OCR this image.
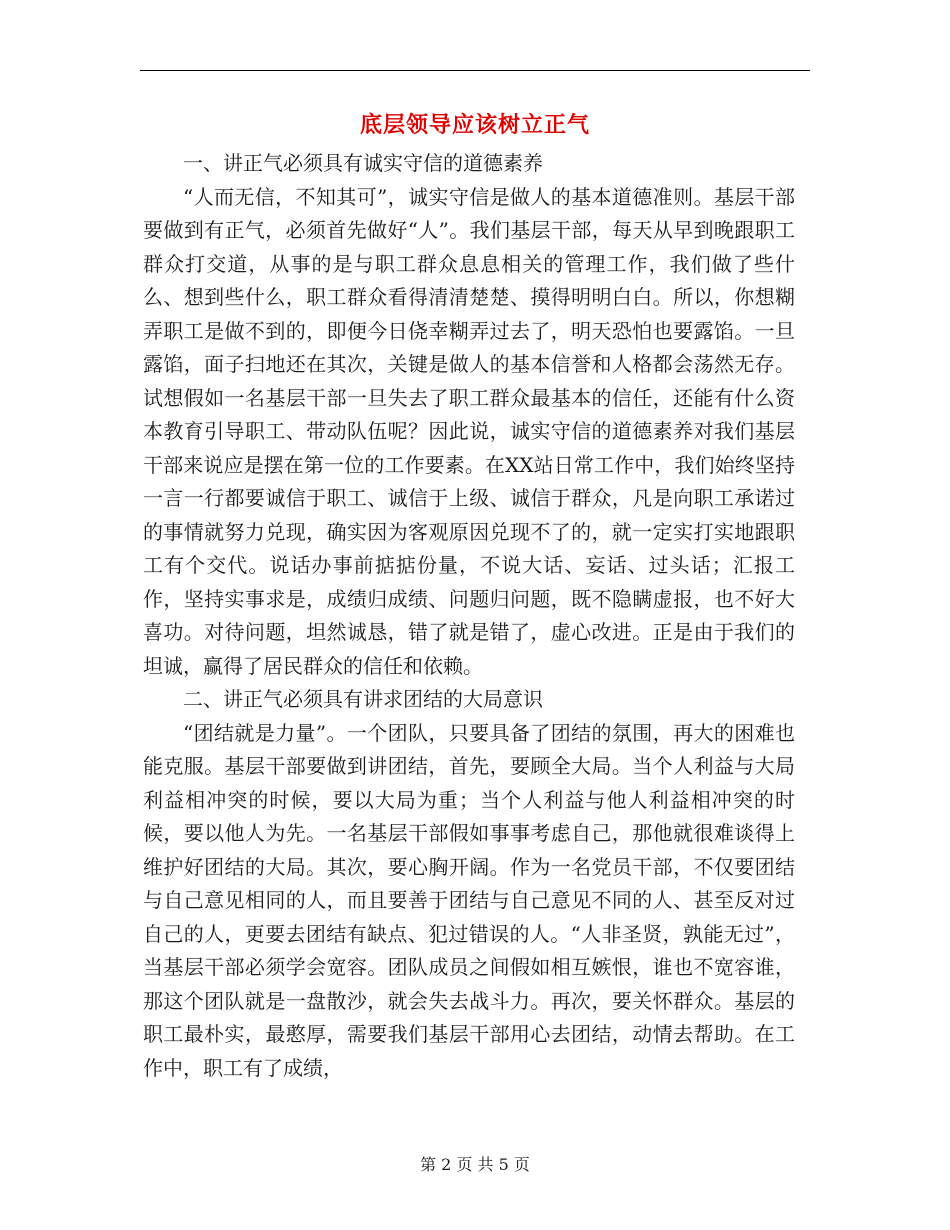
底层领导应该树立正气

一、讲正气必须具有诚实守信的道德素养

“人而无信，不知其可”，诚实守信是做人的基本道德准则。基层干部要做到有正气，必须首先做好“人”。我们基层干部，每天从早到晚跟职工群众打交道，从事的是与职工群众息息相关的管理工作，我们做了些什么、想到些什么，职工群众看得清清楚楚、摸得明明白白。所以，你想糊弄职工是做不到的，即便今日侥幸糊弄过去了，明天恐怕也要露馅。一旦露馅，面子扫地还在其次，关键是做人的基本信誉和人格都会荡然无存。试想假如一名基层干部一旦失去了职工群众最基本的信任，还能有什么资本教育引导职工、带动队伍呢？因此说，诚实守信的道德素养对我们基层干部来说应是摆在第一位的工作要素。在XX站日常工作中，我们始终坚持一言一行都要诚信于职工、诚信于上级、诚信于群众，凡是向职工承诺过的事情就努力兑现，确实因为客观原因兑现不了的，就一定实打实地跟职工有个交代。说话办事前掂掂份量，不说大话、妄话、过头话；汇报工作，坚持实事求是，成绩归成绩、问题归问题，既不隐瞒虚报，也不好大喜功。对待问题，坦然诚恳，错了就是错了，虚心改进。正是由于我们的坦诚，赢得了居民群众的信任和依赖。

二、讲正气必须具有讲求团结的大局意识

“团结就是力量”。一个团队，只要具备了团结的氛围，再大的困难也能克服。基层干部要做到讲团结，首先，要顾全大局。当个人利益与大局利益相冲突的时候，要以大局为重；当个人利益与他人利益相冲突的时候，要以他人为先。一名基层干部假如事事考虑自己，那他就很难谈得上维护好团结的大局。其次，要心胸开阔。作为一名党员干部，不仅要团结与自己意见相同的人，而且要善于团结与自己意见不同的人、甚至反对过自己的人，更要去团结有缺点、犯过错误的人。“人非圣贤，孰能无过”，当基层干部必须学会宽容。团队成员之间假如相互嫉恨，谁也不宽容谁，那这个团队就是一盘散沙，就会失去战斗力。再次，要关怀群众。基层的职工最朴实，最憨厚，需要我们基层干部用心去团结，动情去帮助。在工作中，职工有了成绩，

第 2 页 共 5 页
